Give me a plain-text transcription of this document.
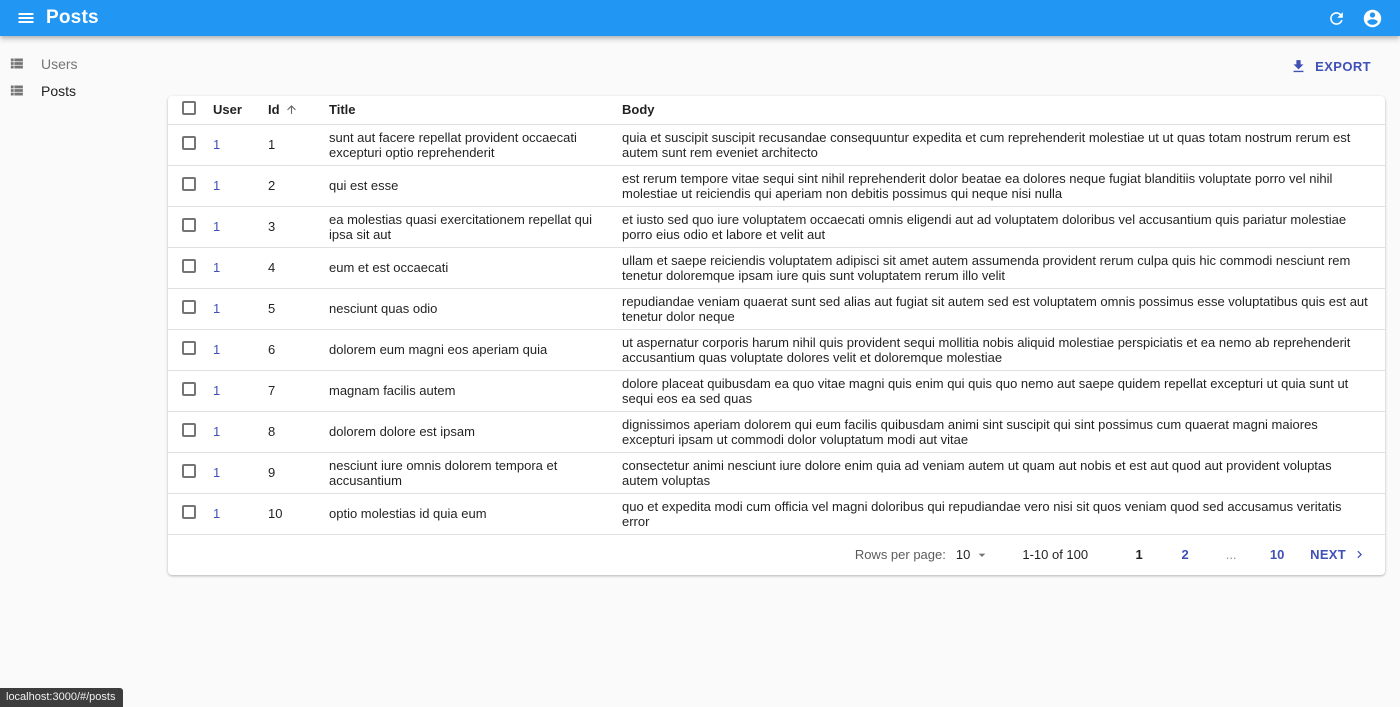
Posts
Users
Posts
EXPORT

	User	Id	Title	Body

	1	1	sunt aut facere repellat provident occaecati excepturi optio reprehenderit	quia et suscipit suscipit recusandae consequuntur expedita et cum reprehenderit molestiae ut ut quas totam nostrum rerum est autem sunt rem eveniet architecto
	1	2	qui est esse	est rerum tempore vitae sequi sint nihil reprehenderit dolor beatae ea dolores neque fugiat blanditiis voluptate porro vel nihil molestiae ut reiciendis qui aperiam non debitis possimus qui neque nisi nulla
	1	3	ea molestias quasi exercitationem repellat qui ipsa sit aut	et iusto sed quo iure voluptatem occaecati omnis eligendi aut ad voluptatem doloribus vel accusantium quis pariatur molestiae porro eius odio et labore et velit aut
	1	4	eum et est occaecati	ullam et saepe reiciendis voluptatem adipisci sit amet autem assumenda provident rerum culpa quis hic commodi nesciunt rem tenetur doloremque ipsam iure quis sunt voluptatem rerum illo velit
	1	5	nesciunt quas odio	repudiandae veniam quaerat sunt sed alias aut fugiat sit autem sed est voluptatem omnis possimus esse voluptatibus quis est aut tenetur dolor neque
	1	6	dolorem eum magni eos aperiam quia	ut aspernatur corporis harum nihil quis provident sequi mollitia nobis aliquid molestiae perspiciatis et ea nemo ab reprehenderit accusantium quas voluptate dolores velit et doloremque molestiae
	1	7	magnam facilis autem	dolore placeat quibusdam ea quo vitae magni quis enim qui quis quo nemo aut saepe quidem repellat excepturi ut quia sunt ut sequi eos ea sed quas
	1	8	dolorem dolore est ipsam	dignissimos aperiam dolorem qui eum facilis quibusdam animi sint suscipit qui sint possimus cum quaerat magni maiores excepturi ipsam ut commodi dolor voluptatum modi aut vitae
	1	9	nesciunt iure omnis dolorem tempora et accusantium	consectetur animi nesciunt iure dolore enim quia ad veniam autem ut quam aut nobis et est aut quod aut provident voluptas autem voluptas
	1	10	optio molestias id quia eum	quo et expedita modi cum officia vel magni doloribus qui repudiandae vero nisi sit quos veniam quod sed accusamus veritatis error
Rows per page: 10	1-10 of 100	1	2	...	10	NEXT
localhost:3000/#/posts
